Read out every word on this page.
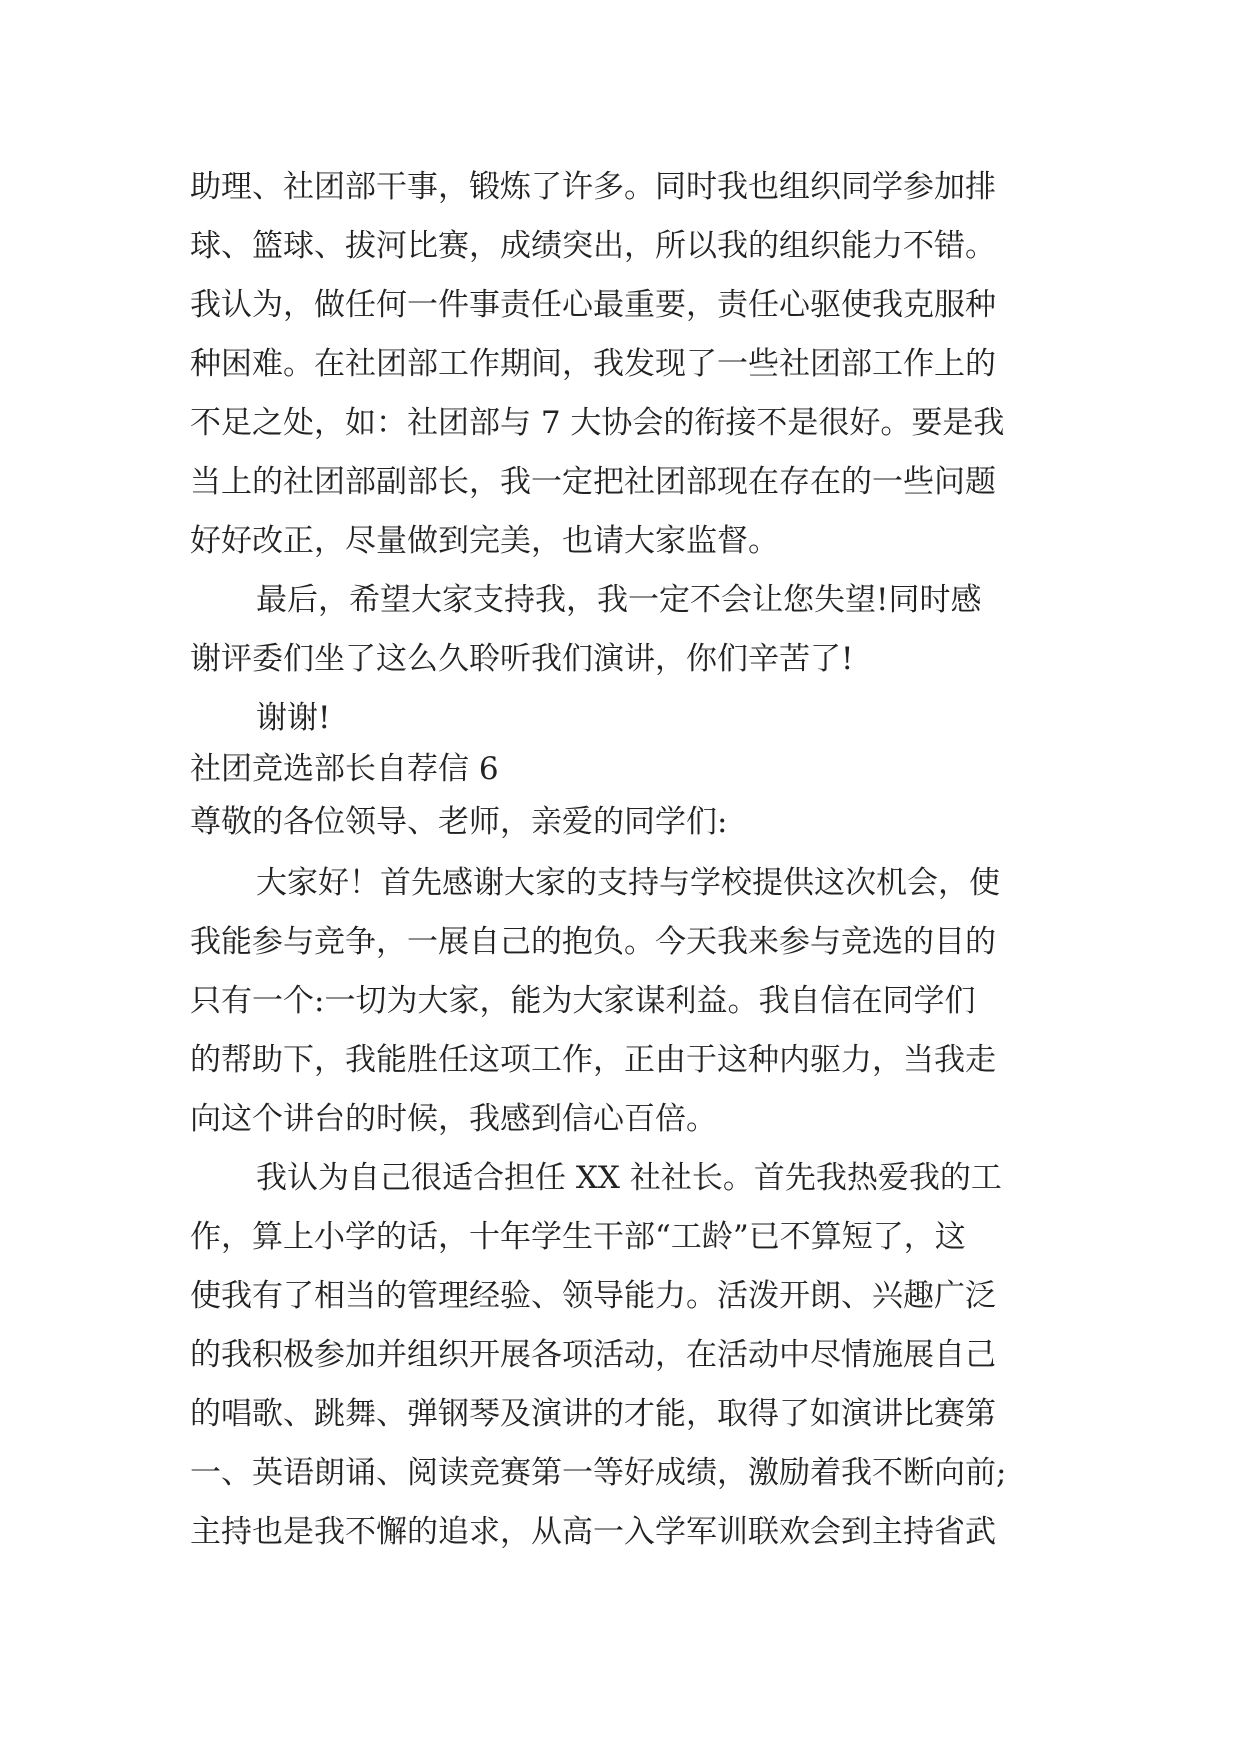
助理、社团部干事，锻炼了许多。同时我也组织同学参加排
球、篮球、拔河比赛，成绩突出，所以我的组织能力不错。
我认为，做任何一件事责任心最重要，责任心驱使我克服种
种困难。在社团部工作期间，我发现了一些社团部工作上的
不足之处，如：社团部与 7 大协会的衔接不是很好。要是我
当上的社团部副部长，我一定把社团部现在存在的一些问题
好好改正，尽量做到完美，也请大家监督。
最后，希望大家支持我，我一定不会让您失望!同时感
谢评委们坐了这么久聆听我们演讲，你们辛苦了!
谢谢!
社团竞选部长自荐信 6
尊敬的各位领导、老师，亲爱的同学们:
大家好！首先感谢大家的支持与学校提供这次机会，使
我能参与竞争，一展自己的抱负。今天我来参与竞选的目的
只有一个:一切为大家，能为大家谋利益。我自信在同学们
的帮助下，我能胜任这项工作，正由于这种内驱力，当我走
向这个讲台的时候，我感到信心百倍。
我认为自己很适合担任 XX 社社长。首先我热爱我的工
作，算上小学的话，十年学生干部“工龄”已不算短了，这
使我有了相当的管理经验、领导能力。活泼开朗、兴趣广泛
的我积极参加并组织开展各项活动，在活动中尽情施展自己
的唱歌、跳舞、弹钢琴及演讲的才能，取得了如演讲比赛第
一、英语朗诵、阅读竞赛第一等好成绩，激励着我不断向前;
主持也是我不懈的追求，从高一入学军训联欢会到主持省武
